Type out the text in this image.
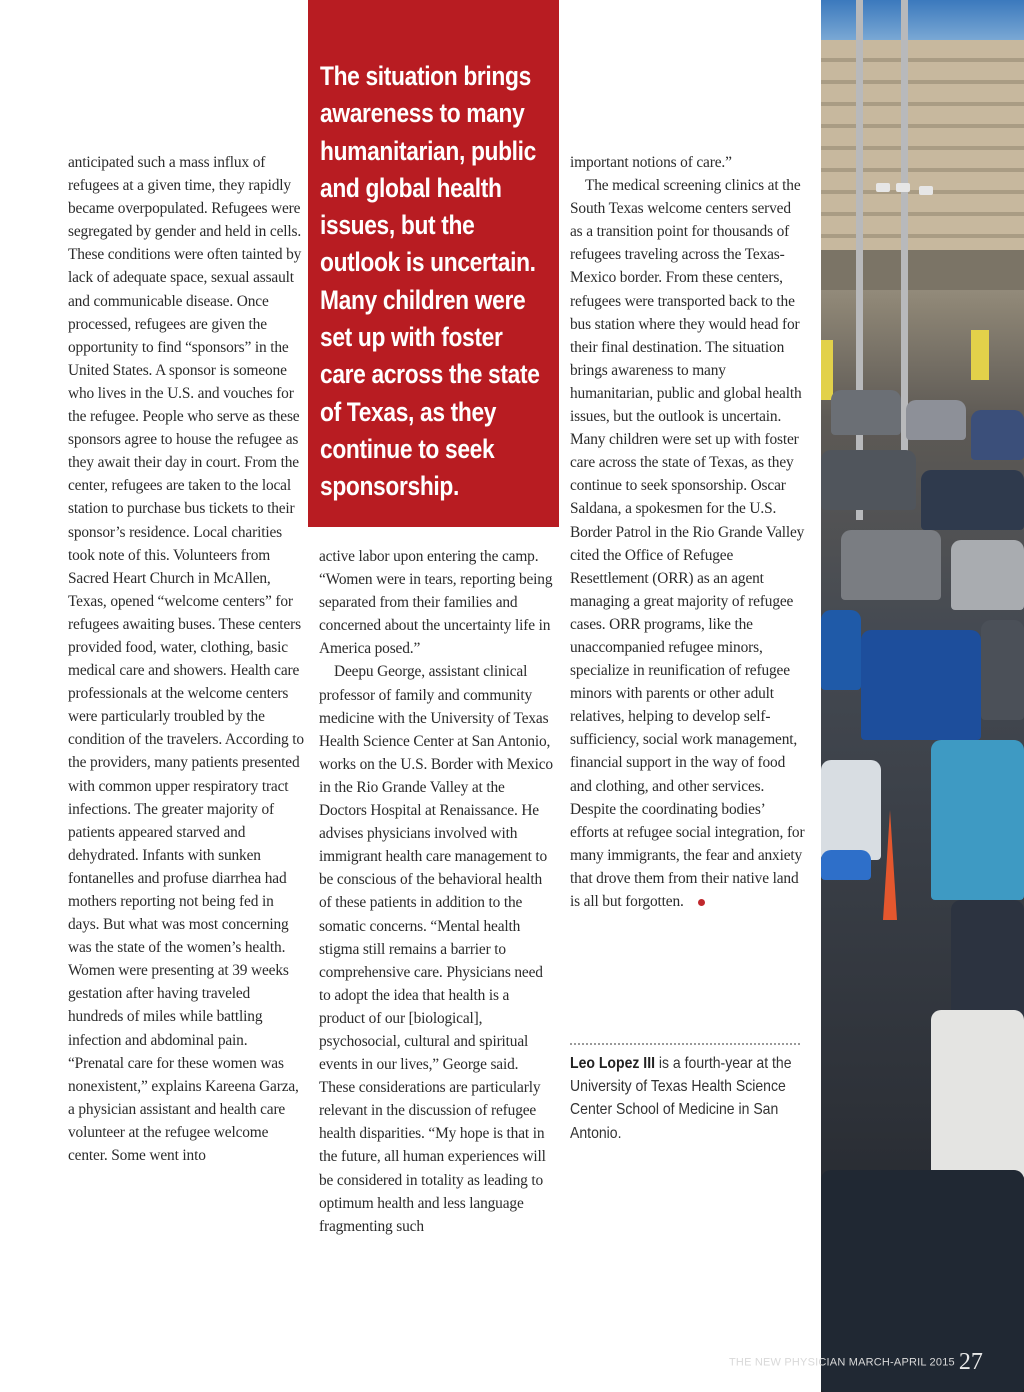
anticipated such a mass influx of refugees at a given time, they rapidly became overpopulated. Refugees were segregated by gender and held in cells. These conditions were often tainted by lack of adequate space, sexual assault and communicable disease. Once processed, refugees are given the opportunity to find “sponsors” in the United States. A sponsor is someone who lives in the U.S. and vouches for the refugee. People who serve as these sponsors agree to house the refugee as they await their day in court. From the center, refugees are taken to the local station to purchase bus tickets to their sponsor’s residence. Local charities took note of this. Volunteers from Sacred Heart Church in McAllen, Texas, opened “welcome centers” for refugees awaiting buses. These centers provided food, water, clothing, basic medical care and showers. Health care professionals at the welcome centers were particularly troubled by the condition of the travelers. According to the providers, many patients presented with common upper respiratory tract infections. The greater majority of patients appeared starved and dehydrated. Infants with sunken fontanelles and profuse diarrhea had mothers reporting not being fed in days. But what was most concerning was the state of the women’s health. Women were presenting at 39 weeks gestation after having traveled hundreds of miles while battling infection and abdominal pain. “Prenatal care for these women was nonexistent,” explains Kareena Garza, a physician assistant and health care volunteer at the refugee welcome center. Some went into

The situation brings awareness to many humanitarian, public and global health issues, but the outlook is uncertain. Many children were set up with foster care across the state of Texas, as they continue to seek sponsorship.

active labor upon entering the camp. “Women were in tears, reporting being separated from their families and concerned about the uncertainty life in America posed.”

Deepu George, assistant clinical professor of family and community medicine with the University of Texas Health Science Center at San Antonio, works on the U.S. Border with Mexico in the Rio Grande Valley at the Doctors Hospital at Renaissance. He advises physicians involved with immigrant health care management to be conscious of the behavioral health of these patients in addition to the somatic concerns. “Mental health stigma still remains a barrier to comprehensive care. Physicians need to adopt the idea that health is a product of our [biological], psychosocial, cultural and spiritual events in our lives,” George said. These considerations are particularly relevant in the discussion of refugee health disparities. “My hope is that in the future, all human experiences will be considered in totality as leading to optimum health and less language fragmenting such

important notions of care.”

The medical screening clinics at the South Texas welcome centers served as a transition point for thousands of refugees traveling across the Texas-Mexico border. From these centers, refugees were transported back to the bus station where they would head for their final destination. The situation brings awareness to many humanitarian, public and global health issues, but the outlook is uncertain. Many children were set up with foster care across the state of Texas, as they continue to seek sponsorship. Oscar Saldana, a spokesmen for the U.S. Border Patrol in the Rio Grande Valley cited the Office of Refugee Resettlement (ORR) as an agent managing a great majority of refugee cases. ORR programs, like the unaccompanied refugee minors, specialize in reunification of refugee minors with parents or other adult relatives, helping to develop self-sufficiency, social work management, financial support in the way of food and clothing, and other services. Despite the coordinating bodies’ efforts at refugee social integration, for many immigrants, the fear and anxiety that drove them from their native land is all but forgotten.

Leo Lopez III is a fourth-year at the University of Texas Health Science Center School of Medicine in San Antonio.
THE NEW PHYSICIAN MARCH-APRIL 2015 27
